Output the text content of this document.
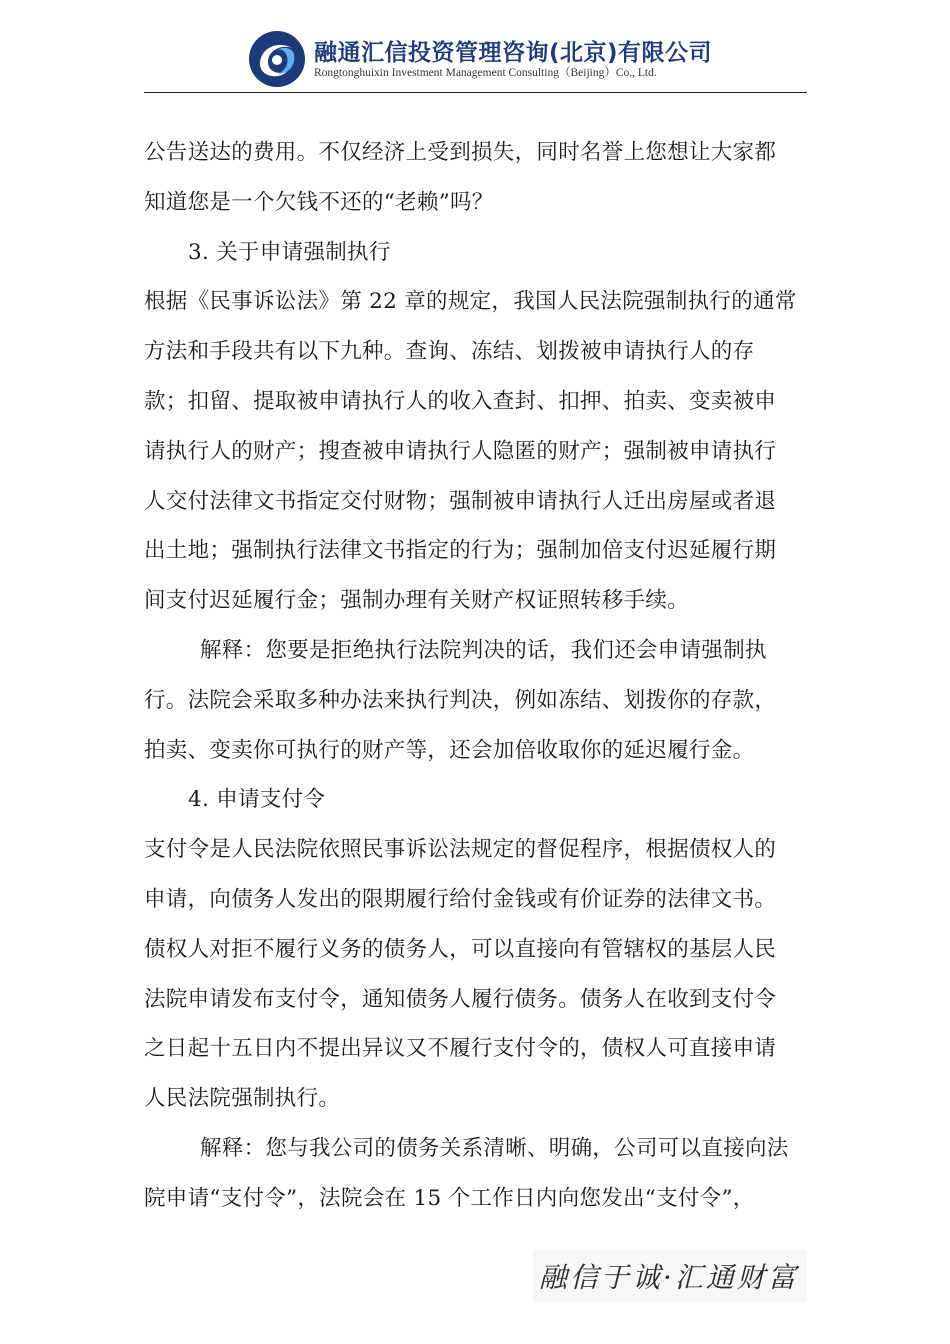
融通汇信投资管理咨询(北京)有限公司
Rongtonghuixin Investment Management Consulting（Beijing）Co., Ltd.
公告送达的费用。不仅经济上受到损失，同时名誉上您想让大家都
知道您是一个欠钱不还的“老赖”吗？
3. 关于申请强制执行
根据《民事诉讼法》第 22 章的规定，我国人民法院强制执行的通常
方法和手段共有以下九种。查询、冻结、划拨被申请执行人的存
款；扣留、提取被申请执行人的收入查封、扣押、拍卖、变卖被申
请执行人的财产；搜查被申请执行人隐匿的财产；强制被申请执行
人交付法律文书指定交付财物；强制被申请执行人迁出房屋或者退
出土地；强制执行法律文书指定的行为；强制加倍支付迟延履行期
间支付迟延履行金；强制办理有关财产权证照转移手续。
解释：您要是拒绝执行法院判决的话，我们还会申请强制执
行。法院会采取多种办法来执行判决，例如冻结、划拨你的存款，
拍卖、变卖你可执行的财产等，还会加倍收取你的延迟履行金。
4. 申请支付令
支付令是人民法院依照民事诉讼法规定的督促程序，根据债权人的
申请，向债务人发出的限期履行给付金钱或有价证券的法律文书。
债权人对拒不履行义务的债务人，可以直接向有管辖权的基层人民
法院申请发布支付令，通知债务人履行债务。债务人在收到支付令
之日起十五日内不提出异议又不履行支付令的，债权人可直接申请
人民法院强制执行。
解释：您与我公司的债务关系清晰、明确，公司可以直接向法
院申请“支付令”，法院会在 15 个工作日内向您发出“支付令”，
融信于诚·汇通财富
